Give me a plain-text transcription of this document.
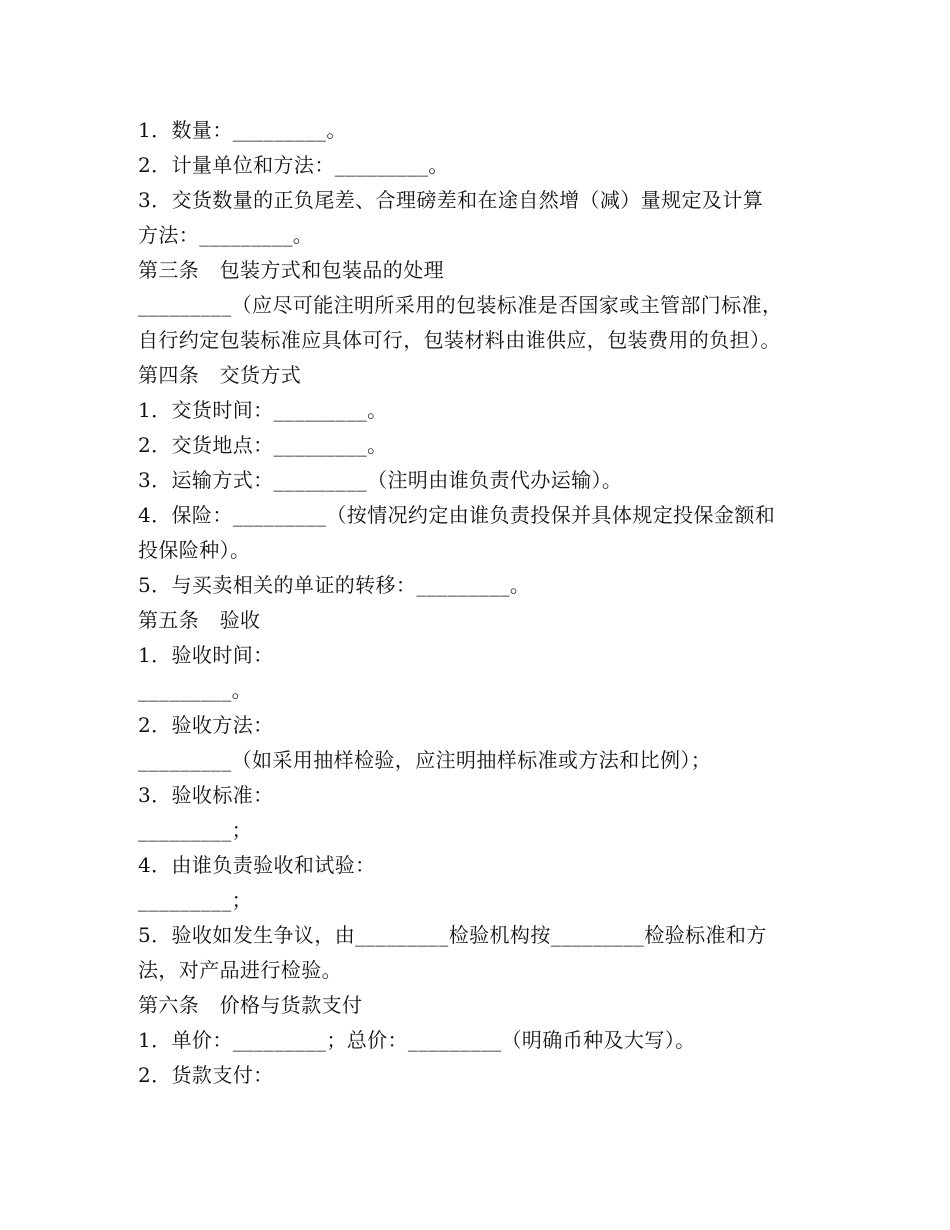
1．数量：_________。
2．计量单位和方法：_________。
3．交货数量的正负尾差、合理磅差和在途自然增（减）量规定及计算
方法：_________。
第三条　包装方式和包装品的处理
_________（应尽可能注明所采用的包装标准是否国家或主管部门标准，
自行约定包装标准应具体可行，包装材料由谁供应，包装费用的负担）。
第四条　交货方式
1．交货时间：_________。
2．交货地点：_________。
3．运输方式：_________（注明由谁负责代办运输）。
4．保险：_________（按情况约定由谁负责投保并具体规定投保金额和
投保险种）。
5．与买卖相关的单证的转移：_________。
第五条　验收
1．验收时间：
_________。
2．验收方法：
_________（如采用抽样检验，应注明抽样标准或方法和比例）；
3．验收标准：
_________；
4．由谁负责验收和试验：
_________；
5．验收如发生争议，由_________检验机构按_________检验标准和方
法，对产品进行检验。
第六条　价格与货款支付
1．单价：_________；总价：_________（明确币种及大写）。
2．货款支付：
